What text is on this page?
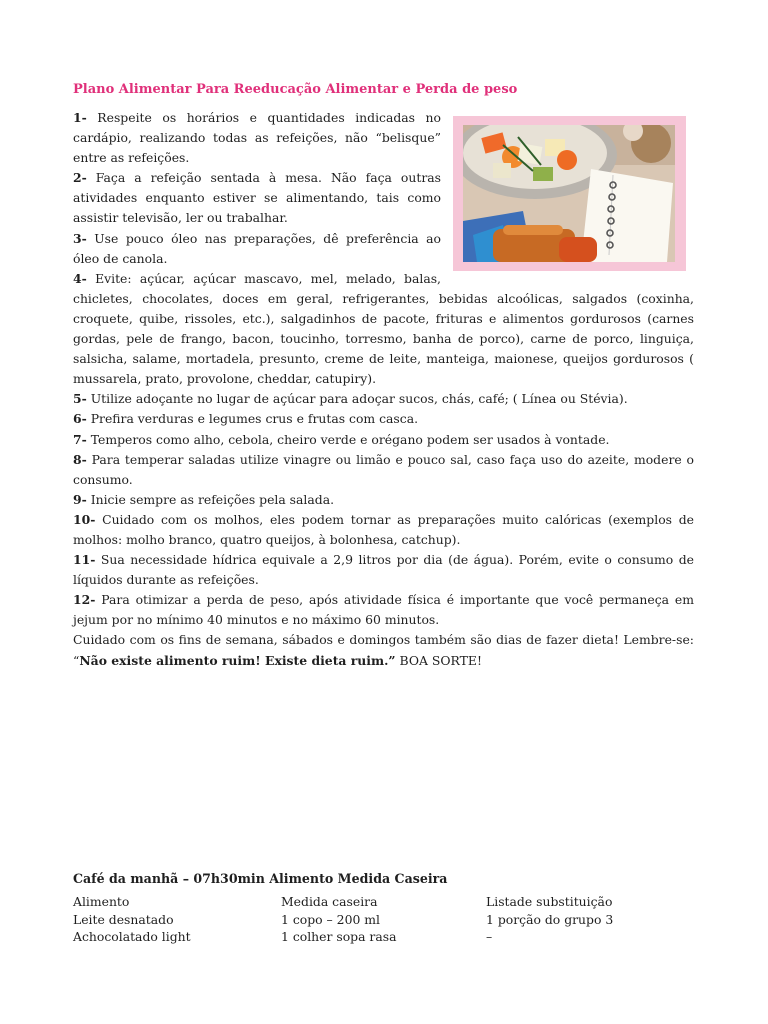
Plano Alimentar Para Reeducação Alimentar e Perda de peso

1- Respeite os horários e quantidades indicadas no cardápio, realizando todas as refeições, não “belisque” entre as refeições.

2- Faça a refeição sentada à mesa. Não faça outras atividades enquanto estiver se alimentando, tais como assistir televisão, ler ou trabalhar.

3- Use pouco óleo nas preparações, dê preferência ao óleo de canola.

4- Evite: açúcar, açúcar mascavo, mel, melado, balas,

chicletes, chocolates, doces em geral, refrigerantes, bebidas alcoólicas, salgados (coxinha, croquete, quibe, rissoles, etc.), salgadinhos de pacote, frituras e alimentos gordurosos (carnes gordas, pele de frango, bacon, toucinho, torresmo, banha de porco), carne de porco, linguiça, salsicha, salame, mortadela, presunto, creme de leite, manteiga, maionese, queijos gordurosos ( mussarela, prato, provolone, cheddar, catupiry).

5- Utilize adoçante no lugar de açúcar para adoçar sucos, chás, café; ( Línea ou Stévia).

6- Prefira verduras e legumes crus e frutas com casca.

7- Temperos como alho, cebola, cheiro verde e orégano podem ser usados à vontade.

8- Para temperar saladas utilize vinagre ou limão e pouco sal, caso faça uso do azeite, modere o consumo.

9- Inicie sempre as refeições pela salada.

10- Cuidado com os molhos, eles podem tornar as preparações muito calóricas (exemplos de molhos: molho branco, quatro queijos, à bolonhesa, catchup).

11- Sua necessidade hídrica equivale a 2,9 litros por dia (de água). Porém, evite o consumo de líquidos durante as refeições.

12- Para otimizar a perda de peso, após atividade física é importante que você permaneça em jejum por no mínimo 40 minutos e no máximo 60 minutos.

Cuidado com os fins de semana, sábados e domingos também são dias de fazer dieta! Lembre-se: “Não existe alimento ruim! Existe dieta ruim.” BOA SORTE!

Café da manhã – 07h30min Alimento Medida Caseira
Alimento	Medida caseira	Listade substituição
Leite desnatado	1 copo – 200 ml	1 porção do grupo 3
Achocolatado light	1 colher sopa rasa	–
